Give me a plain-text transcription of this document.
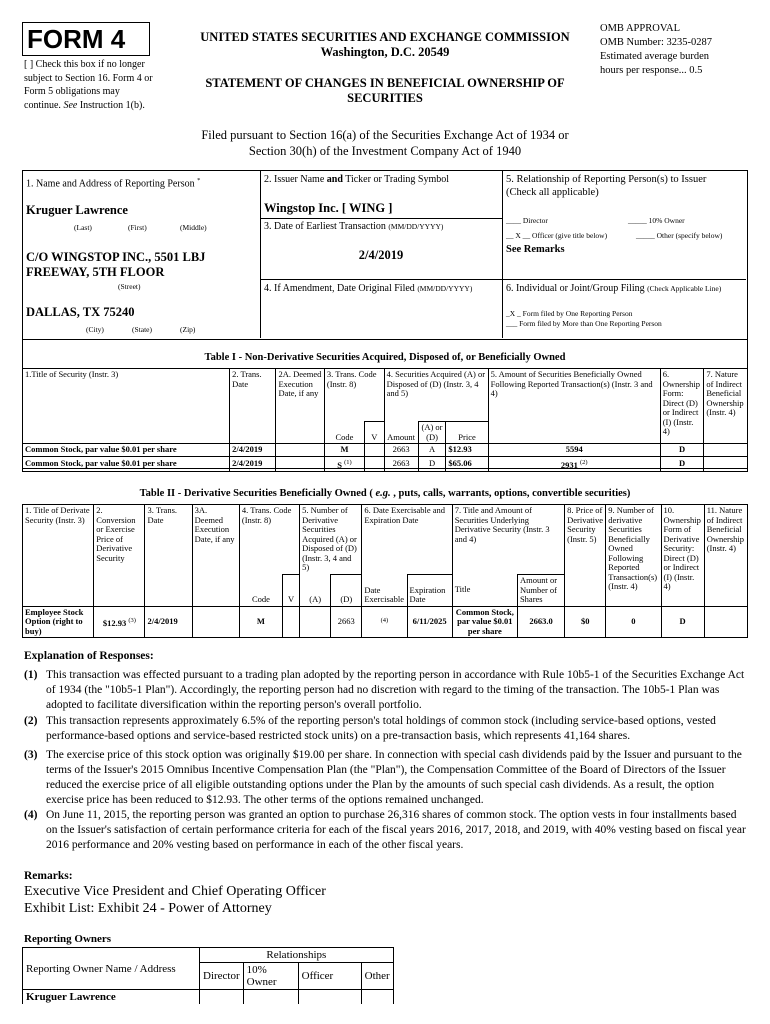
FORM 4
[ ] Check this box if no longer
subject to Section 16. Form 4 or
Form 5 obligations may
continue. See Instruction 1(b).
UNITED STATES SECURITIES AND EXCHANGE COMMISSION
Washington, D.C. 20549
STATEMENT OF CHANGES IN BENEFICIAL OWNERSHIP OF
SECURITIES
OMB APPROVAL
OMB Number: 3235-0287
Estimated average burden
hours per response... 0.5
Filed pursuant to Section 16(a) of the Securities Exchange Act of 1934 or
Section 30(h) of the Investment Company Act of 1940
1. Name and Address of Reporting Person *
Kruguer Lawrence
(Last)	(First)	(Middle)
C/O WINGSTOP INC., 5501 LBJ
FREEWAY, 5TH FLOOR
(Street)
DALLAS, TX 75240
(City)	(State)	(Zip)
2. Issuer Name and Ticker or Trading Symbol
Wingstop Inc. [ WING ]
3. Date of Earliest Transaction (MM/DD/YYYY)
2/4/2019
4. If Amendment, Date Original Filed (MM/DD/YYYY)
5. Relationship of Reporting Person(s) to Issuer
(Check all applicable)
____ Director	_____ 10% Owner
__ X __ Officer (give title below)	_____ Other (specify below)
See Remarks
6. Individual or Joint/Group Filing (Check Applicable Line)
_X _ Form filed by One Reporting Person
___ Form filed by More than One Reporting Person
Table I - Non-Derivative Securities Acquired, Disposed of, or Beneficially Owned
1.Title of Security (Instr. 3)	2. Trans. Date	2A. Deemed Execution Date, if any	3. Trans. Code (Instr. 8)		4. Securities Acquired (A) or Disposed of (D) (Instr. 3, 4 and 5)			5. Amount of Securities Beneficially Owned Following Reported Transaction(s) (Instr. 3 and 4)	6. Ownership Form: Direct (D) or Indirect (I) (Instr. 4)	7. Nature of Indirect Beneficial Ownership (Instr. 4)
			Code	V	Amount	(A) or (D)	Price			
Common Stock, par value $0.01 per share	2/4/2019		M		2663	A	$12.93	5594	D	
Common Stock, par value $0.01 per share	2/4/2019		S $^{(1)}$		2663	D	$65.06	2931 $^{(2)}$	D	
Table II - Derivative Securities Beneficially Owned ( e.g. , puts, calls, warrants, options, convertible securities)
1. Title of Derivate Security (Instr. 3)	2. Conversion or Exercise Price of Derivative Security	3. Trans. Date	3A. Deemed Execution Date, if any	4. Trans. Code (Instr. 8)		5. Number of Derivative Securities Acquired (A) or Disposed of (D) (Instr. 3, 4 and 5)		6. Date Exercisable and Expiration Date		7. Title and Amount of Securities Underlying Derivative Security (Instr. 3 and 4)		8. Price of Derivative Security (Instr. 5)	9. Number of derivative Securities Beneficially Owned Following Reported Transaction(s) (Instr. 4)	10. Ownership Form of Derivative Security: Direct (D) or Indirect (I) (Instr. 4)	11. Nature of Indirect Beneficial Ownership (Instr. 4)
				Code	V	(A)	(D)	Date Exercisable	Expiration Date	Title	Amount or Number of Shares				
Employee Stock Option (right to buy)	$12.93 $^{(3)}$	2/4/2019		M			2663	$^{(4)}$	6/11/2025	Common Stock, par value $0.01 per share	2663.0	$0	0	D	
Explanation of Responses:
(1) This transaction was effected pursuant to a trading plan adopted by the reporting person in accordance with Rule 10b5-1 of the Securities Exchange Act of 1934 (the "10b5-1 Plan"). Accordingly, the reporting person had no discretion with regard to the timing of the transaction. The 10b5-1 Plan was adopted to facilitate diversification within the reporting person's overall portfolio.
(2) This transaction represents approximately 6.5% of the reporting person's total holdings of common stock (including service-based options, vested performance-based options and service-based restricted stock units) on a pre-transaction basis, which represents 41,164 shares.
(3) The exercise price of this stock option was originally $19.00 per share. In connection with special cash dividends paid by the Issuer and pursuant to the terms of the Issuer's 2015 Omnibus Incentive Compensation Plan (the "Plan"), the Compensation Committee of the Board of Directors of the Issuer reduced the exercise price of all eligible outstanding options under the Plan by the amounts of such special cash dividends. As a result, the option exercise price has been reduced to $12.93. The other terms of the options remained unchanged.
(4) On June 11, 2015, the reporting person was granted an option to purchase 26,316 shares of common stock. The option vests in four installments based on the Issuer's satisfaction of certain performance criteria for each of the fiscal years 2016, 2017, 2018, and 2019, with 40% vesting based on fiscal year 2016 performance and 20% vesting based on performance in each of the other fiscal years.
Remarks:
Executive Vice President and Chief Operating Officer
Exhibit List: Exhibit 24 - Power of Attorney
Reporting Owners
Reporting Owner Name / Address	Relationships			
	Director	10% Owner	Officer	Other
Kruguer Lawrence				
